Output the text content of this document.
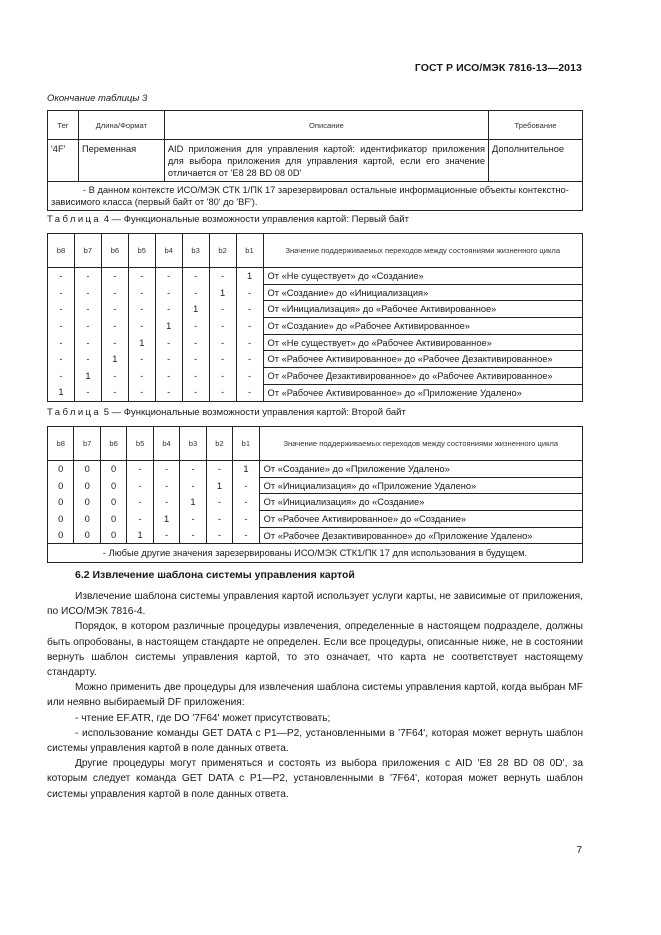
ГОСТ Р ИСО/МЭК 7816-13—2013
Окончание таблицы 3
Тег	Длина/Формат	Описание	Требование
'4F'	Переменная	AID приложения для управления картой: идентификатор приложения для выбора приложения для управления картой, если его значение отличается от 'E8 28 BD 08 0D'	Дополнительное
- В данном контексте ИСО/МЭК СТК 1/ПК 17 зарезервировал остальные информационные объекты контекстно-зависимого класса (первый байт от '80' до 'BF').			
Таблица 4 — Функциональные возможности управления картой: Первый байт
b8	b7	b6	b5	b4	b3	b2	b1	Значение поддерживаемых переходов между состояниями жизненного цикла
-	-	-	-	-	-	-	1	От «Не существует» до «Создание»
-	-	-	-	-	-	1	-	От «Создание» до «Инициализация»
-	-	-	-	-	1	-	-	От «Инициализация» до «Рабочее Активированное»
-	-	-	-	1	-	-	-	От «Создание» до «Рабочее Активированное»
-	-	-	1	-	-	-	-	От «Не существует» до «Рабочее Активированное»
-	-	1	-	-	-	-	-	От «Рабочее Активированное» до «Рабочее Дезактивированное»
-	1	-	-	-	-	-	-	От «Рабочее Дезактивированное» до «Рабочее Активированное»
1	-	-	-	-	-	-	-	От «Рабочее Активированное» до «Приложение Удалено»
Таблица 5 — Функциональные возможности управления картой: Второй байт
b8	b7	b6	b5	b4	b3	b2	b1	Значение поддерживаемых переходов между состояниями жизненного цикла
0	0	0	-	-	-	-	1	От «Создание» до «Приложение Удалено»
0	0	0	-	-	-	1	-	От «Инициализация» до «Приложение Удалено»
0	0	0	-	-	1	-	-	От «Инициализация» до «Создание»
0	0	0	-	1	-	-	-	От «Рабочее Активированное» до «Создание»
0	0	0	1	-	-	-	-	От «Рабочее Дезактивированное» до «Приложение Удалено»
- Любые другие значения зарезервированы ИСО/МЭК СТК1/ПК 17 для использования в будущем.								
6.2 Извлечение шаблона системы управления картой

Извлечение шаблона системы управления картой использует услуги карты, не зависимые от приложения, по ИСО/МЭК 7816-4.

Порядок, в котором различные процедуры извлечения, определенные в настоящем подразделе, должны быть опробованы, в настоящем стандарте не определен. Если все процедуры, описанные ниже, не в состоянии вернуть шаблон системы управления картой, то это означает, что карта не соответствует настоящему стандарту.

Можно применить две процедуры для извлечения шаблона системы управления картой, когда выбран MF или неявно выбираемый DF приложения:

- чтение EF.ATR, где DO '7F64' может присутствовать;

- использование команды GET DATA с P1—P2, установленными в '7F64', которая может вернуть шаблон системы управления картой в поле данных ответа.

Другие процедуры могут применяться и состоять из выбора приложения с AID 'E8 28 BD 08 0D', за которым следует команда GET DATA с P1—P2, установленными в '7F64', которая может вернуть шаблон системы управления картой в поле данных ответа.

7
